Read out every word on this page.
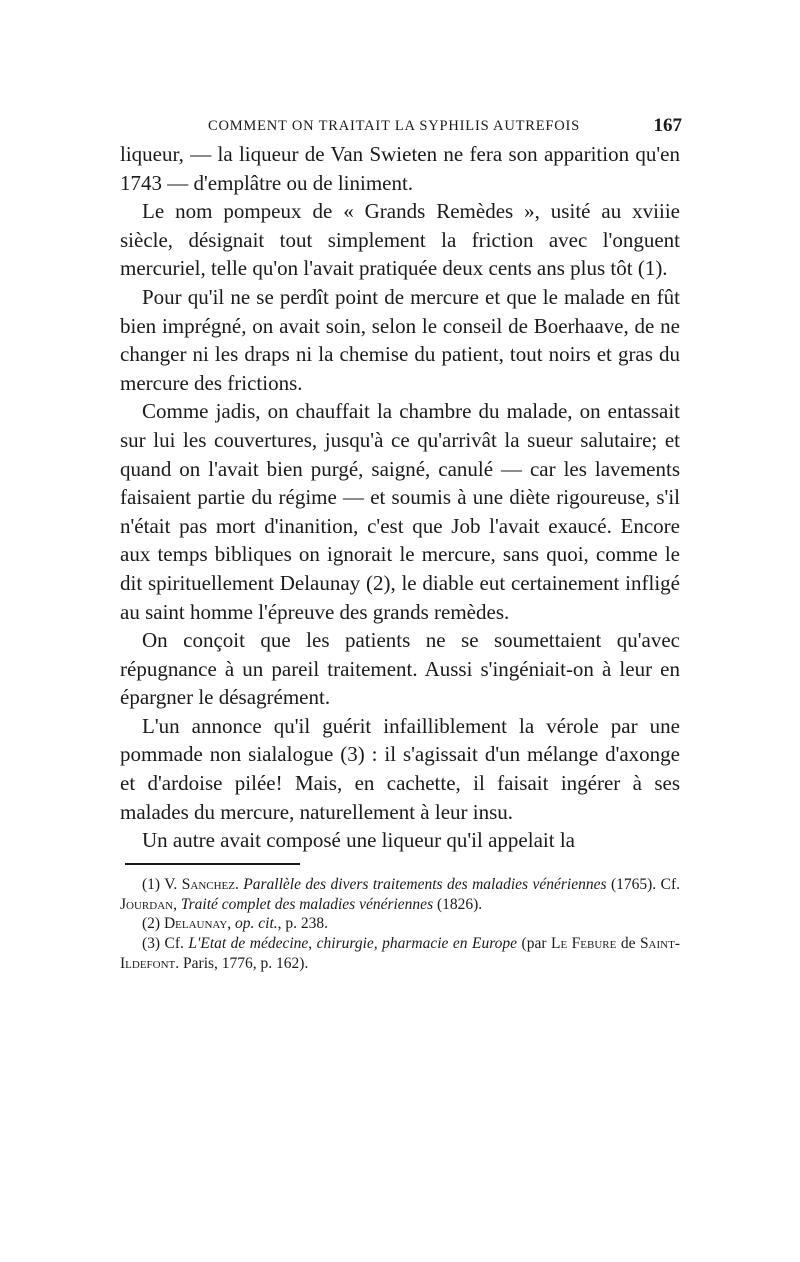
COMMENT ON TRAITAIT LA SYPHILIS AUTREFOIS	167

liqueur, — la liqueur de Van Swieten ne fera son apparition qu'en 1743 — d'emplâtre ou de liniment.

Le nom pompeux de « Grands Remèdes », usité au xviiie siècle, désignait tout simplement la friction avec l'onguent mercuriel, telle qu'on l'avait pratiquée deux cents ans plus tôt (1).

Pour qu'il ne se perdît point de mercure et que le malade en fût bien imprégné, on avait soin, selon le conseil de Boerhaave, de ne changer ni les draps ni la chemise du patient, tout noirs et gras du mercure des frictions.

Comme jadis, on chauffait la chambre du malade, on entassait sur lui les couvertures, jusqu'à ce qu'arrivât la sueur salutaire; et quand on l'avait bien purgé, saigné, canulé — car les lavements faisaient partie du régime — et soumis à une diète rigoureuse, s'il n'était pas mort d'inanition, c'est que Job l'avait exaucé. Encore aux temps bibliques on ignorait le mercure, sans quoi, comme le dit spirituellement Delaunay (2), le diable eut certainement infligé au saint homme l'épreuve des grands remèdes.

On conçoit que les patients ne se soumettaient qu'avec répugnance à un pareil traitement. Aussi s'ingéniait-on à leur en épargner le désagrément.

L'un annonce qu'il guérit infailliblement la vérole par une pommade non sialalogue (3) : il s'agissait d'un mélange d'axonge et d'ardoise pilée! Mais, en cachette, il faisait ingérer à ses malades du mercure, naturellement à leur insu.

Un autre avait composé une liqueur qu'il appelait la

(1) V. Sanchez. Parallèle des divers traitements des maladies vénériennes (1765). Cf. Jourdan, Traité complet des maladies vénériennes (1826).

(2) Delaunay, op. cit., p. 238.

(3) Cf. L'Etat de médecine, chirurgie, pharmacie en Europe (par Le Febure de Saint-Ildefont. Paris, 1776, p. 162).
